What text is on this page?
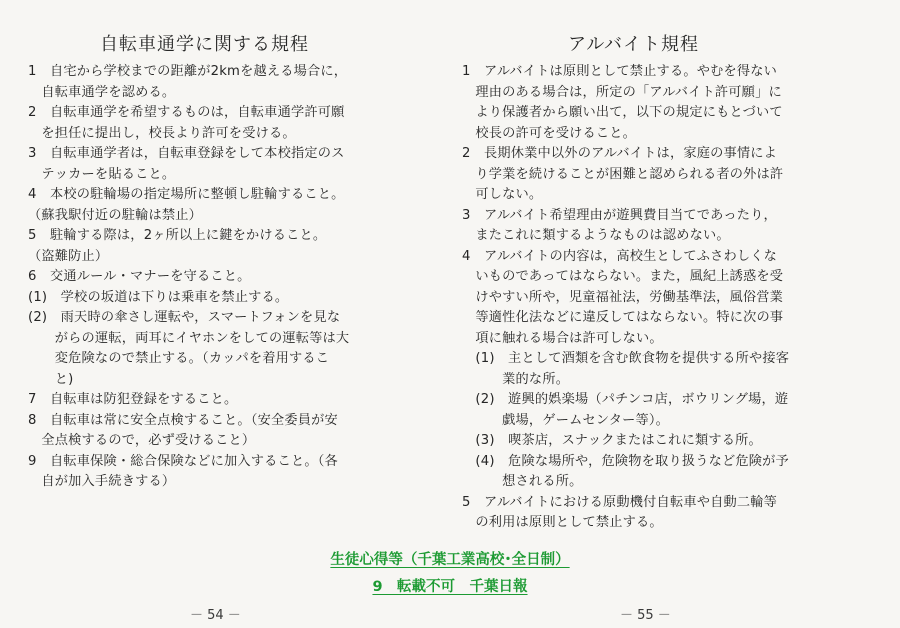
自転車通学に関する規程
1　自宅から学校までの距離が2kmを越える場合に，
　自転車通学を認める。
2　自転車通学を希望するものは，自転車通学許可願
　を担任に提出し，校長より許可を受ける。
3　自転車通学者は，自転車登録をして本校指定のス
　テッカーを貼ること。
4　本校の駐輪場の指定場所に整頓し駐輪すること。
（蘇我駅付近の駐輪は禁止）
5　駐輪する際は，2ヶ所以上に鍵をかけること。
（盗難防止）
6　交通ルール・マナーを守ること。
(1)　学校の坂道は下りは乗車を禁止する。
(2)　雨天時の傘さし運転や，スマートフォンを見な
　　がらの運転，両耳にイヤホンをしての運転等は大
　　変危険なので禁止する。（カッパを着用するこ
　　と)
7　自転車は防犯登録をすること。
8　自転車は常に安全点検すること。（安全委員が安
　全点検するので，必ず受けること）
9　自転車保険・総合保険などに加入すること。（各
　自が加入手続きする）
アルバイト規程
1　アルバイトは原則として禁止する。やむを得ない
　理由のある場合は，所定の「アルバイト許可願」に
　より保護者から願い出て，以下の規定にもとづいて
　校長の許可を受けること。
2　長期休業中以外のアルバイトは，家庭の事情によ
　り学業を続けることが困難と認められる者の外は許
　可しない。
3　アルバイト希望理由が遊興費目当てであったり，
　またこれに類するようなものは認めない。
4　アルバイトの内容は，高校生としてふさわしくな
　いものであってはならない。また，風紀上誘惑を受
　けやすい所や，児童福祉法，労働基準法，風俗営業
　等適性化法などに違反してはならない。特に次の事
　項に触れる場合は許可しない。
　(1)　主として酒類を含む飲食物を提供する所や接客
　　　業的な所。
　(2)　遊興的娯楽場（パチンコ店，ボウリング場，遊
　　　戯場，ゲームセンター等）。
　(3)　喫茶店，スナックまたはこれに類する所。
　(4)　危険な場所や，危険物を取り扱うなど危険が予
　　　想される所。
5　アルバイトにおける原動機付自転車や自動二輪等
　の利用は原則として禁止する。
生徒心得等（千葉工業高校･全日制）
9　転載不可　千葉日報
－ 54 －	－ 55 －
